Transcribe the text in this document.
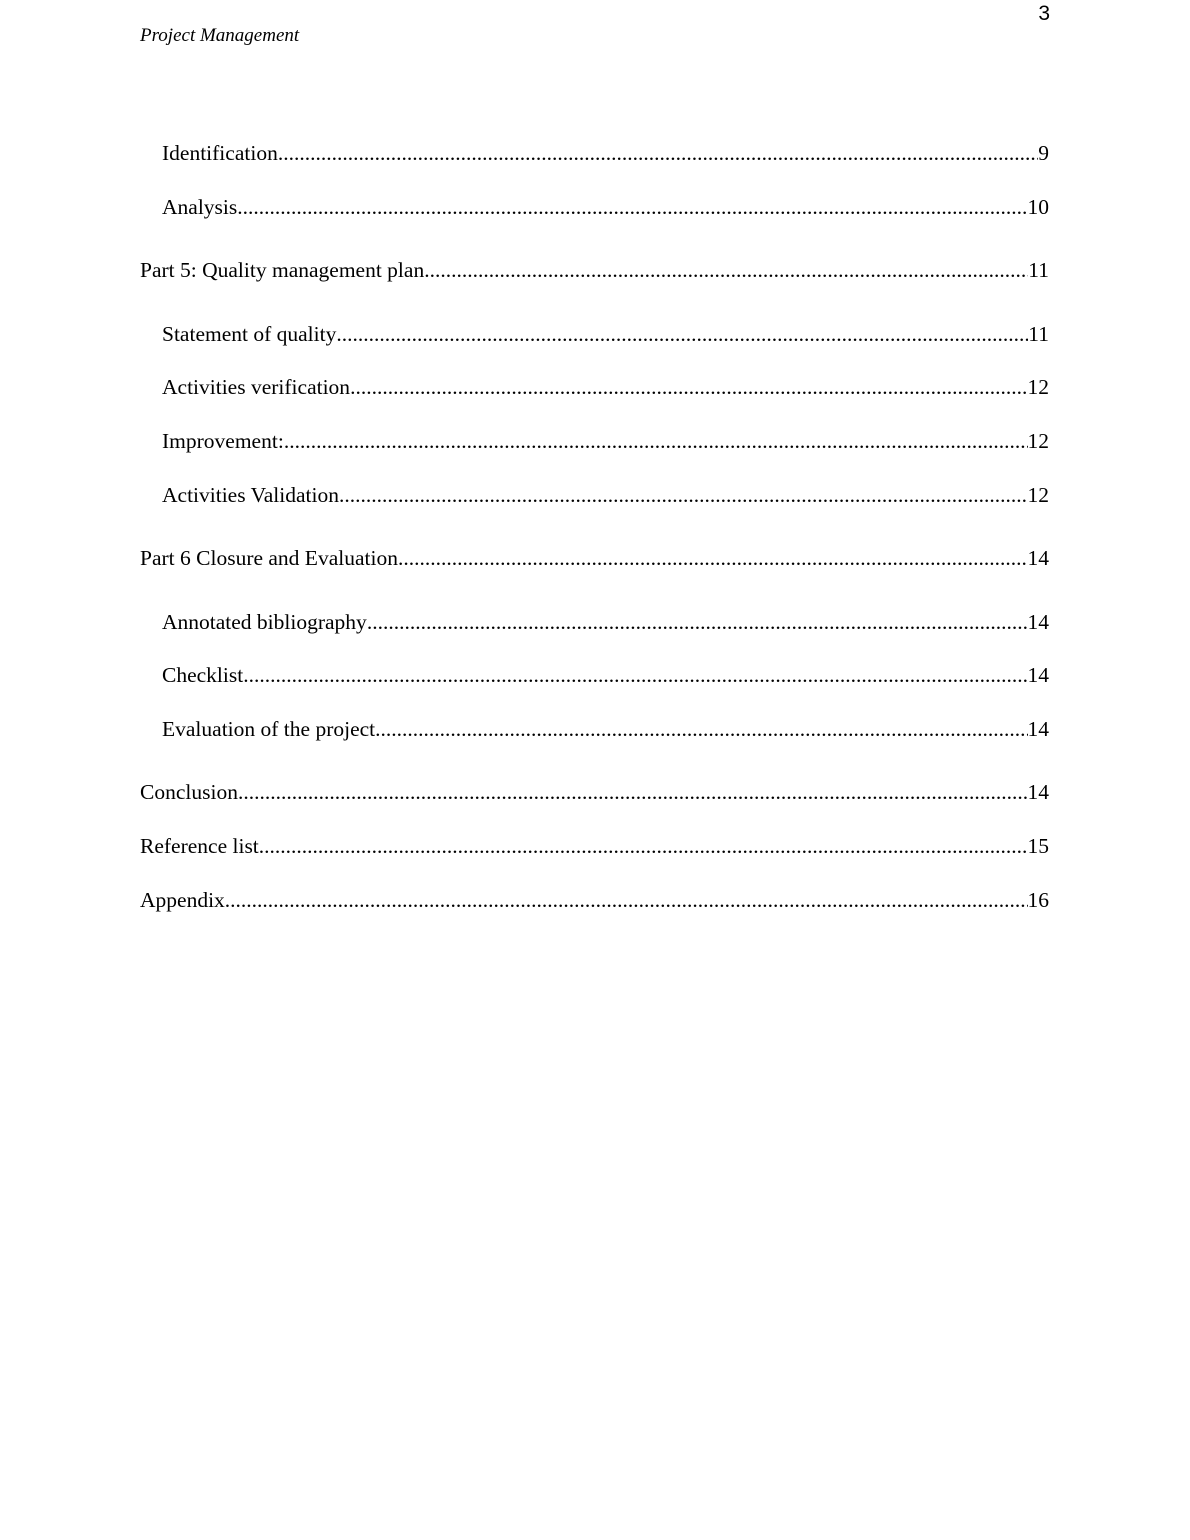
3
Project Management
Identification .....	9
Analysis .....	10
Part 5: Quality management plan .....	11
Statement of quality .....	11
Activities verification .....	12
Improvement: .....	12
Activities Validation .....	12
Part 6 Closure and Evaluation .....	14
Annotated bibliography .....	14
Checklist .....	14
Evaluation of the project .....	14
Conclusion .....	14
Reference list .....	15
Appendix .....	16
